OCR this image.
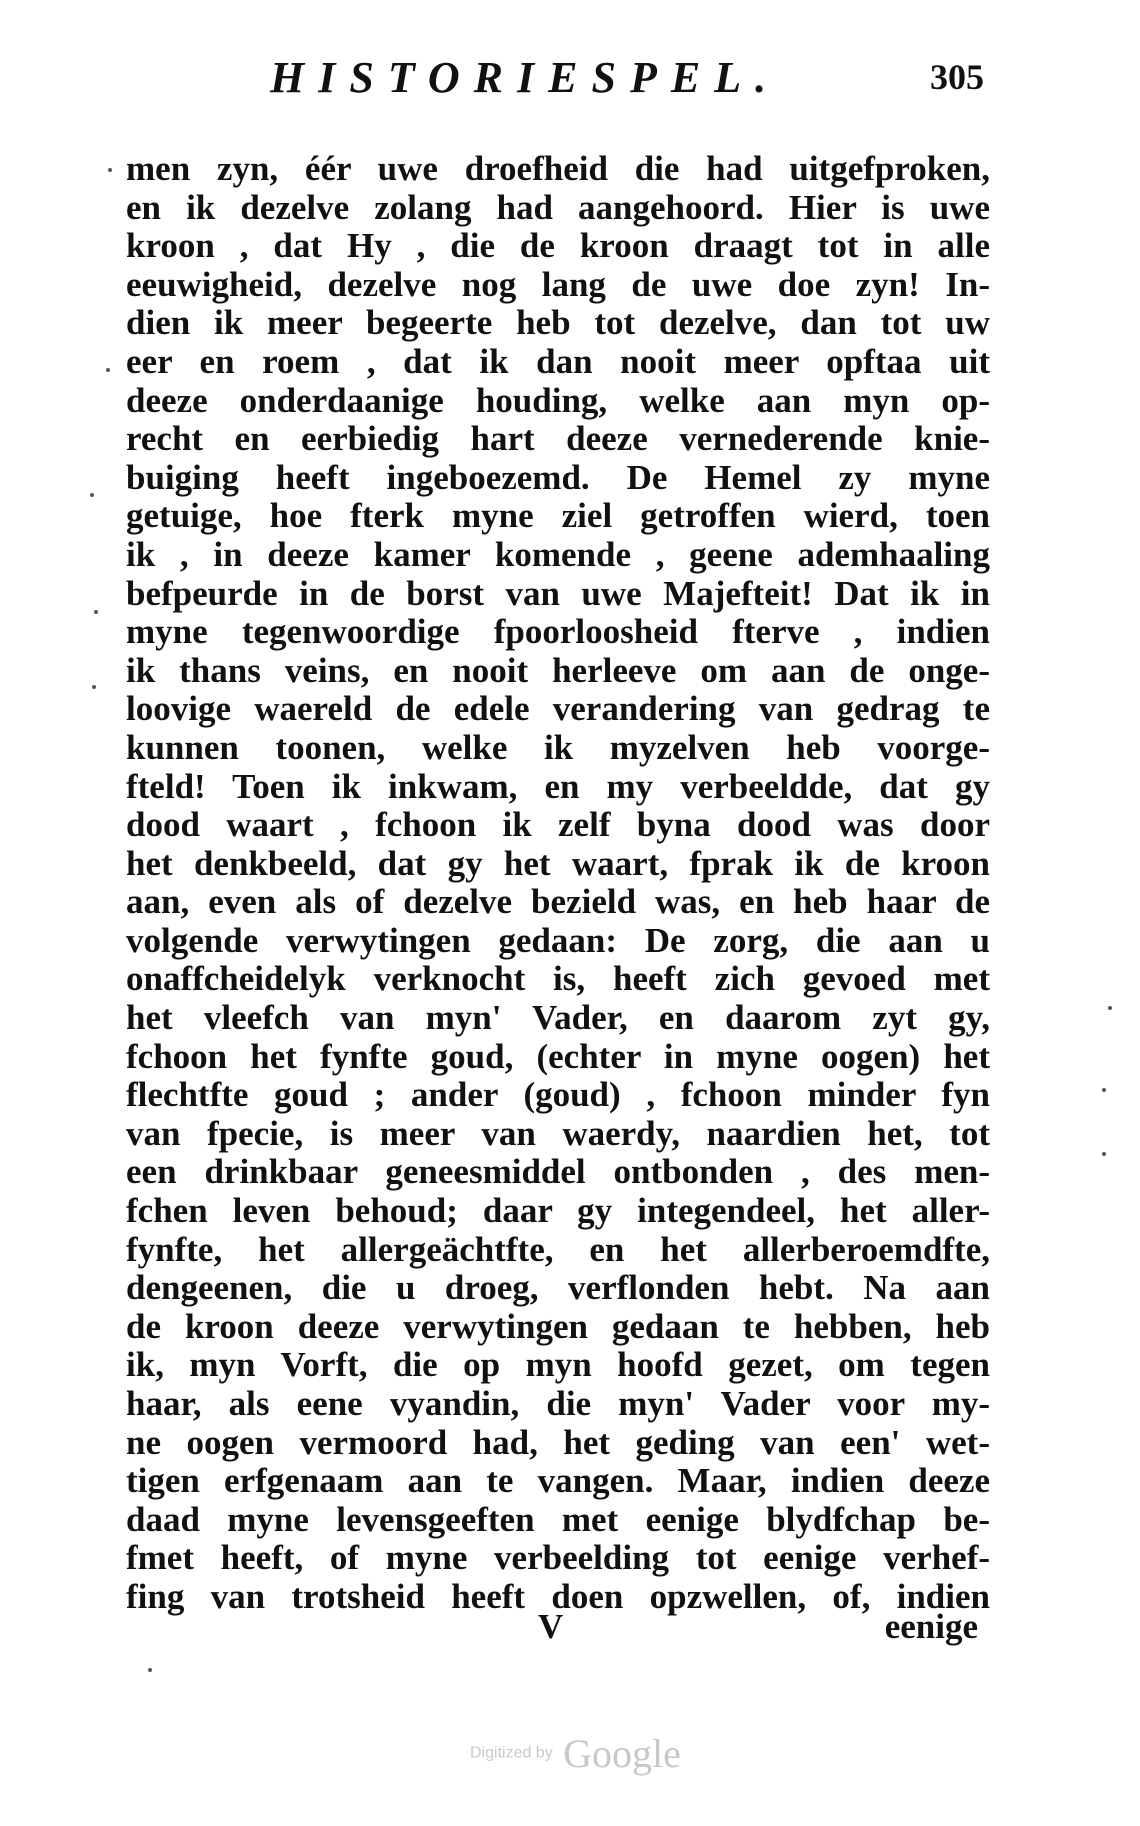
HISTORIESPEL.	305
men zyn, éér uwe droefheid die had uitgefproken,
en ik dezelve zolang had aangehoord. Hier is uwe
kroon , dat Hy , die de kroon draagt tot in alle
eeuwigheid, dezelve nog lang de uwe doe zyn! In-
dien ik meer begeerte heb tot dezelve, dan tot uw
eer en roem , dat ik dan nooit meer opftaa uit
deeze onderdaanige houding, welke aan myn op-
recht en eerbiedig hart deeze vernederende knie-
buiging heeft ingeboezemd. De Hemel zy myne
getuige, hoe fterk myne ziel getroffen wierd, toen
ik , in deeze kamer komende , geene ademhaaling
befpeurde in de borst van uwe Majefteit! Dat ik in
myne tegenwoordige fpoorloosheid fterve , indien
ik thans veins, en nooit herleeve om aan de onge-
loovige waereld de edele verandering van gedrag te
kunnen toonen, welke ik myzelven heb voorge-
fteld! Toen ik inkwam, en my verbeeldde, dat gy
dood waart , fchoon ik zelf byna dood was door
het denkbeeld, dat gy het waart, fprak ik de kroon
aan, even als of dezelve bezield was, en heb haar de
volgende verwytingen gedaan: De zorg, die aan u
onaffcheidelyk verknocht is, heeft zich gevoed met
het vleefch van myn' Vader, en daarom zyt gy,
fchoon het fynfte goud, (echter in myne oogen) het
flechtfte goud ; ander (goud) , fchoon minder fyn
van fpecie, is meer van waerdy, naardien het, tot
een drinkbaar geneesmiddel ontbonden , des men-
fchen leven behoud; daar gy integendeel, het aller-
fynfte, het allergeächtfte, en het allerberoemdfte,
dengeenen, die u droeg, verflonden hebt. Na aan
de kroon deeze verwytingen gedaan te hebben, heb
ik, myn Vorft, die op myn hoofd gezet, om tegen
haar, als eene vyandin, die myn' Vader voor my-
ne oogen vermoord had, het geding van een' wet-
tigen erfgenaam aan te vangen. Maar, indien deeze
daad myne levensgeeften met eenige blydfchap be-
fmet heeft, of myne verbeelding tot eenige verhef-
fing van trotsheid heeft doen opzwellen, of, indien
V	eenige
Digitized by Google
